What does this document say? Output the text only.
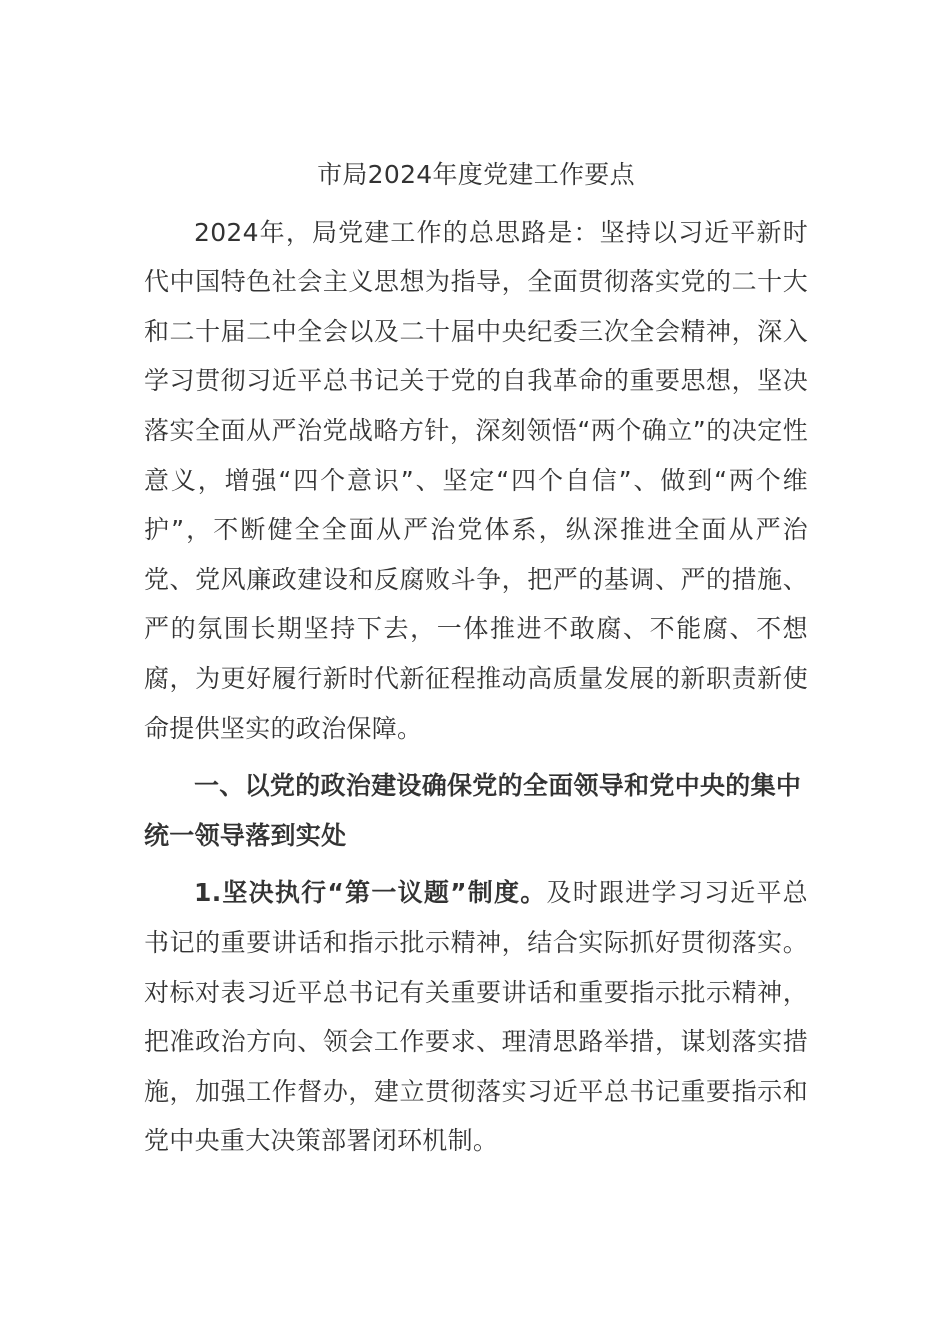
市局2024年度党建工作要点

2024年，局党建工作的总思路是：坚持以习近平新时代中国特色社会主义思想为指导，全面贯彻落实党的二十大和二十届二中全会以及二十届中央纪委三次全会精神，深入学习贯彻习近平总书记关于党的自我革命的重要思想，坚决落实全面从严治党战略方针，深刻领悟“两个确立”的决定性意义，增强“四个意识”、坚定“四个自信”、做到“两个维护”，不断健全全面从严治党体系，纵深推进全面从严治党、党风廉政建设和反腐败斗争，把严的基调、严的措施、严的氛围长期坚持下去，一体推进不敢腐、不能腐、不想腐，为更好履行新时代新征程推动高质量发展的新职责新使命提供坚实的政治保障。

一、以党的政治建设确保党的全面领导和党中央的集中统一领导落到实处

1.坚决执行“第一议题”制度。及时跟进学习习近平总书记的重要讲话和指示批示精神，结合实际抓好贯彻落实。对标对表习近平总书记有关重要讲话和重要指示批示精神，把准政治方向、领会工作要求、理清思路举措，谋划落实措施，加强工作督办，建立贯彻落实习近平总书记重要指示和党中央重大决策部署闭环机制。
